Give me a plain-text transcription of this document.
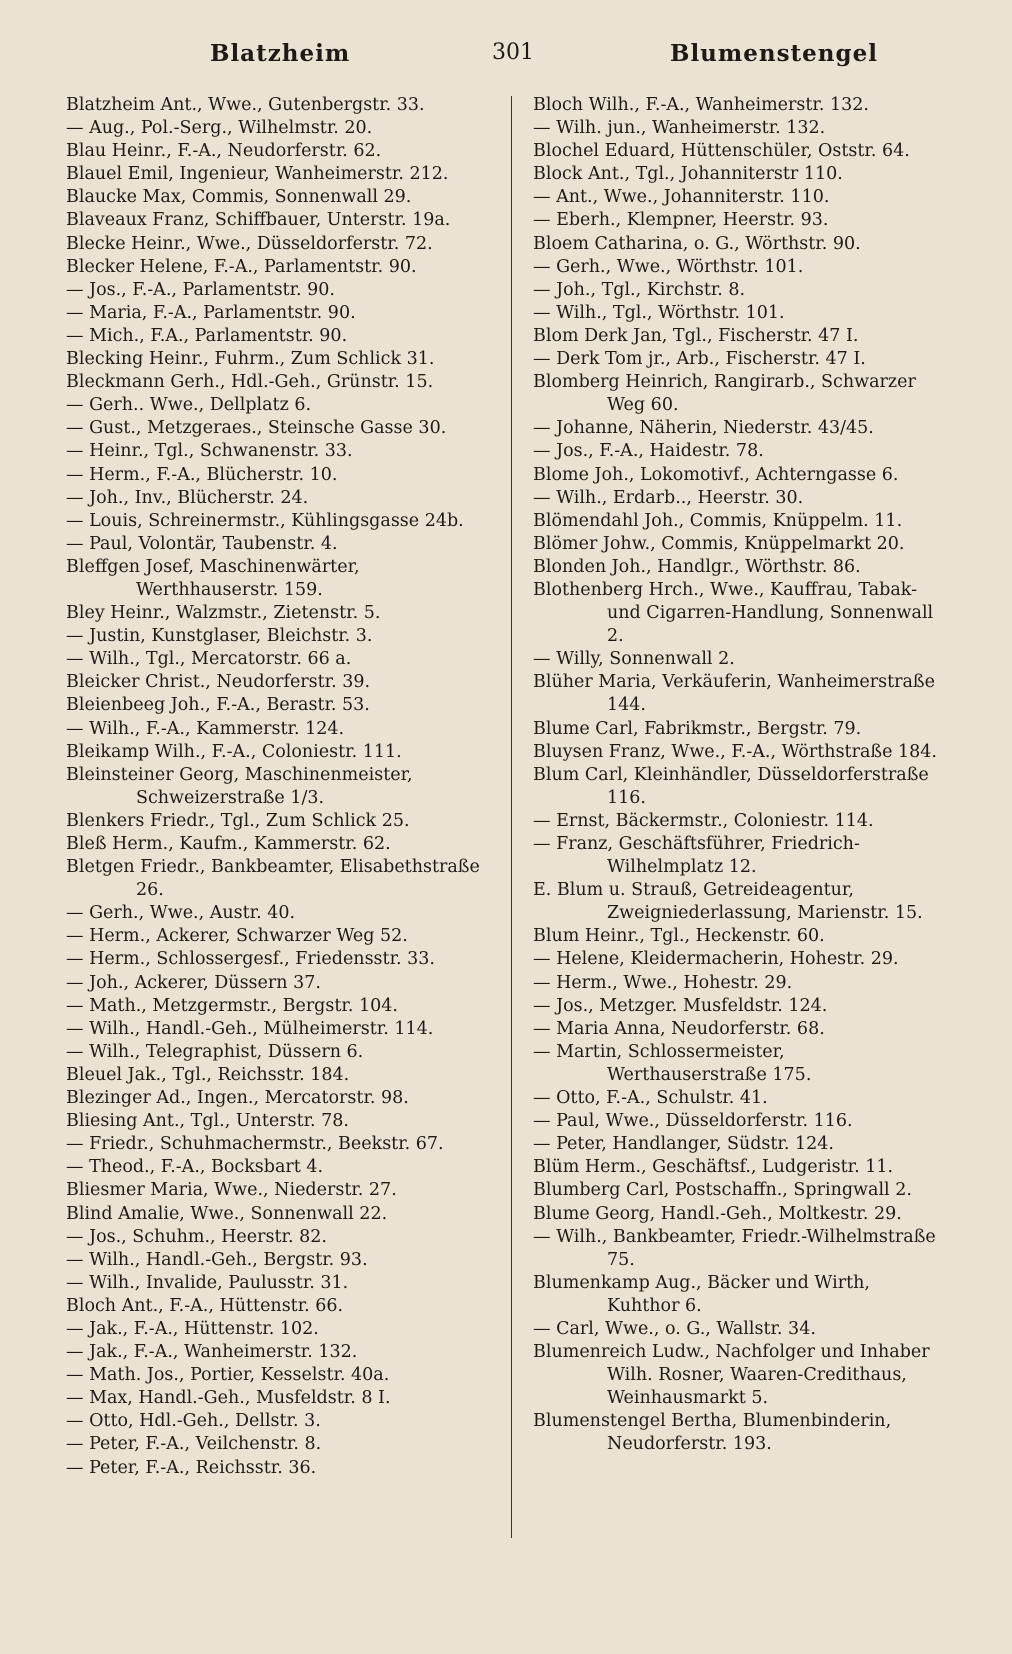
Blatzheim	301	Blumenstengel

Blatzheim Ant., Wwe., Gutenbergstr. 33.

— Aug., Pol.-Serg., Wilhelmstr. 20.

Blau Heinr., F.-A., Neudorferstr. 62.

Blauel Emil, Ingenieur, Wanheimerstr. 212.

Blaucke Max, Commis, Sonnenwall 29.

Blaveaux Franz, Schiffbauer, Unterstr. 19a.

Blecke Heinr., Wwe., Düsseldorferstr. 72.

Blecker Helene, F.-A., Parlamentstr. 90.

— Jos., F.-A., Parlamentstr. 90.

— Maria, F.-A., Parlamentstr. 90.

— Mich., F.A., Parlamentstr. 90.

Blecking Heinr., Fuhrm., Zum Schlick 31.

Bleckmann Gerh., Hdl.-Geh., Grünstr. 15.

— Gerh.. Wwe., Dellplatz 6.

— Gust., Metzgeraes., Steinsche Gasse 30.

— Heinr., Tgl., Schwanenstr. 33.

— Herm., F.-A., Blücherstr. 10.

— Joh., Inv., Blücherstr. 24.

— Louis, Schreinermstr., Kühlingsgasse 24b.

— Paul, Volontär, Taubenstr. 4.

Bleffgen Josef, Maschinenwärter, Werthhauserstr. 159.

Bley Heinr., Walzmstr., Zietenstr. 5.

— Justin, Kunstglaser, Bleichstr. 3.

— Wilh., Tgl., Mercatorstr. 66 a.

Bleicker Christ., Neudorferstr. 39.

Bleienbeeg Joh., F.-A., Berastr. 53.

— Wilh., F.-A., Kammerstr. 124.

Bleikamp Wilh., F.-A., Coloniestr. 111.

Bleinsteiner Georg, Maschinenmeister, Schweizerstraße 1/3.

Blenkers Friedr., Tgl., Zum Schlick 25.

Bleß Herm., Kaufm., Kammerstr. 62.

Bletgen Friedr., Bankbeamter, Elisabethstraße 26.

— Gerh., Wwe., Austr. 40.

— Herm., Ackerer, Schwarzer Weg 52.

— Herm., Schlossergesf., Friedensstr. 33.

— Joh., Ackerer, Düssern 37.

— Math., Metzgermstr., Bergstr. 104.

— Wilh., Handl.-Geh., Mülheimerstr. 114.

— Wilh., Telegraphist, Düssern 6.

Bleuel Jak., Tgl., Reichsstr. 184.

Blezinger Ad., Ingen., Mercatorstr. 98.

Bliesing Ant., Tgl., Unterstr. 78.

— Friedr., Schuhmachermstr., Beekstr. 67.

— Theod., F.-A., Bocksbart 4.

Bliesmer Maria, Wwe., Niederstr. 27.

Blind Amalie, Wwe., Sonnenwall 22.

— Jos., Schuhm., Heerstr. 82.

— Wilh., Handl.-Geh., Bergstr. 93.

— Wilh., Invalide, Paulusstr. 31.

Bloch Ant., F.-A., Hüttenstr. 66.

— Jak., F.-A., Hüttenstr. 102.

— Jak., F.-A., Wanheimerstr. 132.

— Math. Jos., Portier, Kesselstr. 40a.

— Max, Handl.-Geh., Musfeldstr. 8 I.

— Otto, Hdl.-Geh., Dellstr. 3.

— Peter, F.-A., Veilchenstr. 8.

— Peter, F.-A., Reichsstr. 36.

Bloch Wilh., F.-A., Wanheimerstr. 132.

— Wilh. jun., Wanheimerstr. 132.

Blochel Eduard, Hüttenschüler, Oststr. 64.

Block Ant., Tgl., Johanniterstr 110.

— Ant., Wwe., Johanniterstr. 110.

— Eberh., Klempner, Heerstr. 93.

Bloem Catharina, o. G., Wörthstr. 90.

— Gerh., Wwe., Wörthstr. 101.

— Joh., Tgl., Kirchstr. 8.

— Wilh., Tgl., Wörthstr. 101.

Blom Derk Jan, Tgl., Fischerstr. 47 I.

— Derk Tom jr., Arb., Fischerstr. 47 I.

Blomberg Heinrich, Rangirarb., Schwarzer Weg 60.

— Johanne, Näherin, Niederstr. 43/45.

— Jos., F.-A., Haidestr. 78.

Blome Joh., Lokomotivf., Achterngasse 6.

— Wilh., Erdarb.., Heerstr. 30.

Blömendahl Joh., Commis, Knüppelm. 11.

Blömer Johw., Commis, Knüppelmarkt 20.

Blonden Joh., Handlgr., Wörthstr. 86.

Blothenberg Hrch., Wwe., Kauffrau, Tabak- und Cigarren-Handlung, Sonnenwall 2.

— Willy, Sonnenwall 2.

Blüher Maria, Verkäuferin, Wanheimerstraße 144.

Blume Carl, Fabrikmstr., Bergstr. 79.

Bluysen Franz, Wwe., F.-A., Wörthstraße 184.

Blum Carl, Kleinhändler, Düsseldorferstraße 116.

— Ernst, Bäckermstr., Coloniestr. 114.

— Franz, Geschäftsführer, Friedrich-Wilhelmplatz 12.

E. Blum u. Strauß, Getreideagentur, Zweigniederlassung, Marienstr. 15.

Blum Heinr., Tgl., Heckenstr. 60.

— Helene, Kleidermacherin, Hohestr. 29.

— Herm., Wwe., Hohestr. 29.

— Jos., Metzger. Musfeldstr. 124.

— Maria Anna, Neudorferstr. 68.

— Martin, Schlossermeister, Werthauserstraße 175.

— Otto, F.-A., Schulstr. 41.

— Paul, Wwe., Düsseldorferstr. 116.

— Peter, Handlanger, Südstr. 124.

Blüm Herm., Geschäftsf., Ludgeristr. 11.

Blumberg Carl, Postschaffn., Springwall 2.

Blume Georg, Handl.-Geh., Moltkestr. 29.

— Wilh., Bankbeamter, Friedr.-Wilhelmstraße 75.

Blumenkamp Aug., Bäcker und Wirth, Kuhthor 6.

— Carl, Wwe., o. G., Wallstr. 34.

Blumenreich Ludw., Nachfolger und Inhaber Wilh. Rosner, Waaren-Credithaus, Weinhausmarkt 5.

Blumenstengel Bertha, Blumenbinderin, Neudorferstr. 193.
